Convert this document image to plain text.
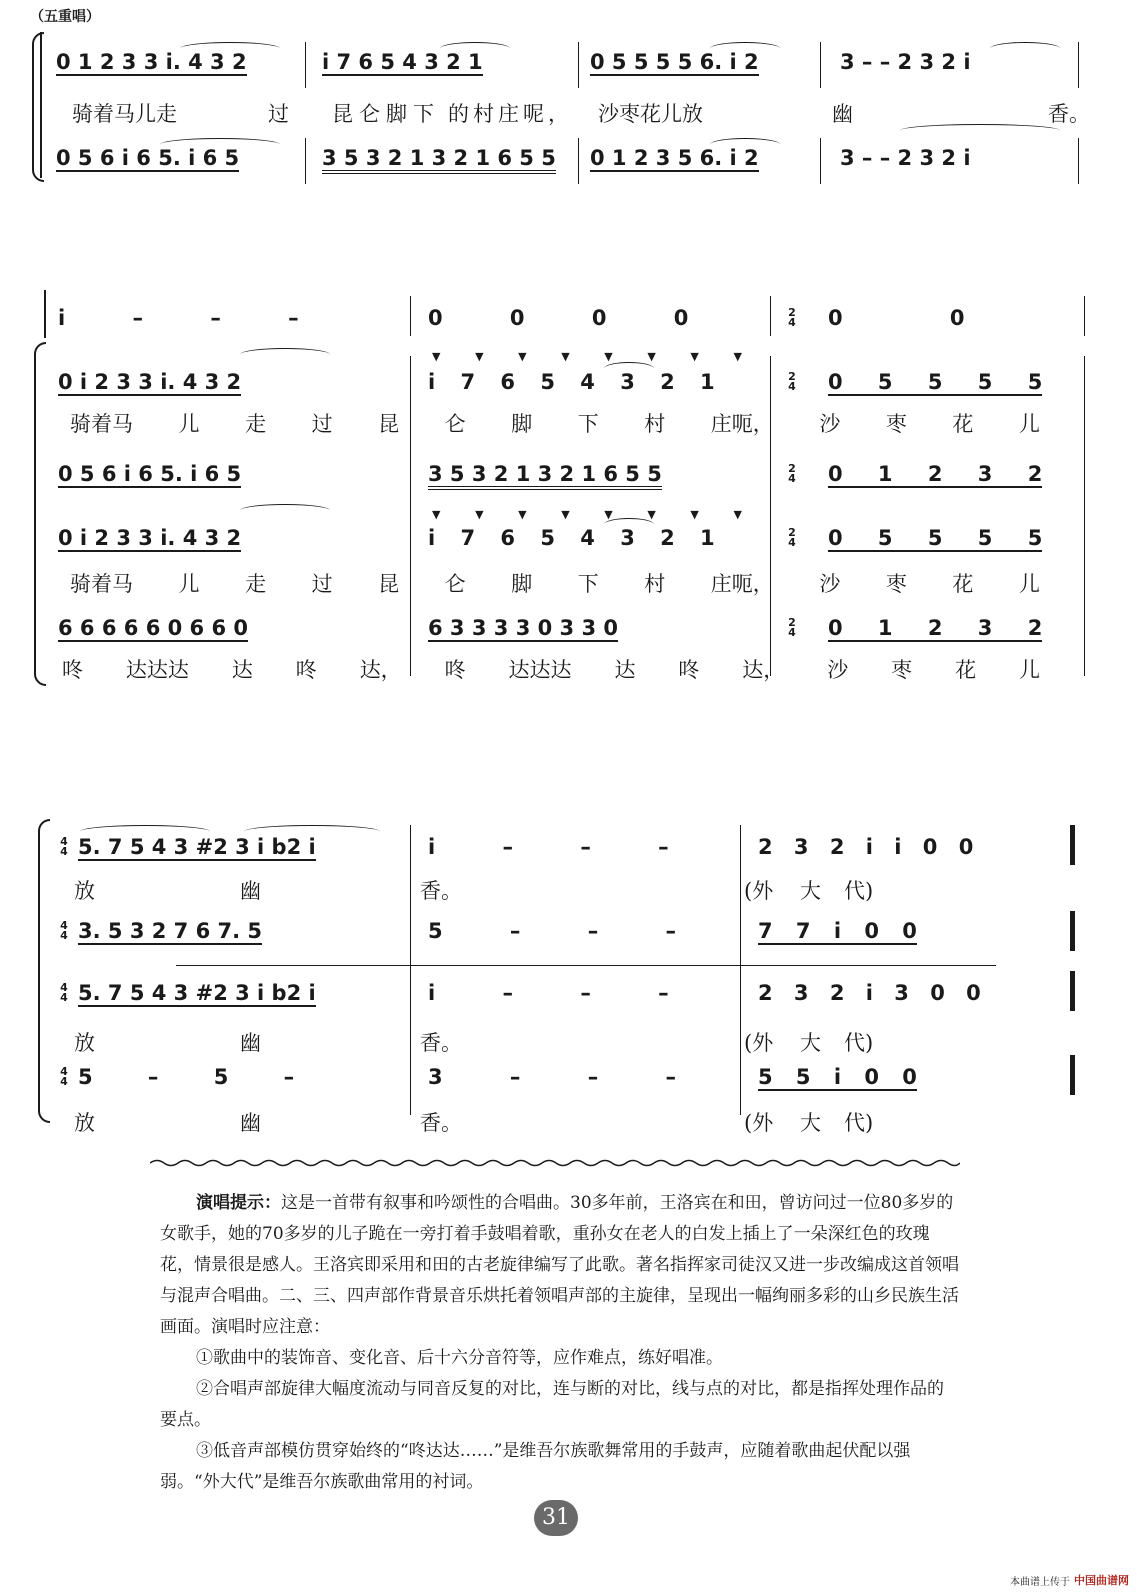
（五重唱）
0 1 2 3 3 i. 4 3 2	i 7 6 5 4 3 2 1	0 5 5 5 5 6. i 2	3 – – 2 3 2 i
骑着马儿走	过 昆仑脚下 的村庄呢， 沙枣花儿放	幽	香。
0 5 6 i 6 5. i 6 5	3 5 3 2 1 3 2 1 6 5 5 0 1 2 3 5 6. i 2	3 – – 2 3 2 i
i – – –	0 0 0 0	0 0
2
4
▼	▼	▼	▼	▼	▼	▼	▼
0 i 2 3 3 i. 4 3 2	i 7 6 5 4 3 2 1	0 5 5 5 5
2
4
骑着马 儿 走 过 昆 仑 脚 下 村 庄呃， 沙 枣 花 儿
0 5 6 i 6 5. i 6 5	3 5 3 2 1 3 2 1 6 5 5	0 1 2 3 2
2
4
0 i 2 3 3 i. 4 3 2	i 7 6 5 4 3 2 1	0 5 5 5 5
2
4
▼	▼	▼	▼	▼	▼	▼	▼
骑着马 儿 走 过 昆 仑 脚 下 村 庄呃， 沙 枣 花 儿
6 6 6 6 6 0 6 6 0	6 3 3 3 3 0 3 3 0	0 1 2 3 2
2
4
咚 达达达 达 咚 达， 咚 达达达 达 咚 达， 沙 枣 花 儿
4
4 5. 7 5 4 3 #2 3 i b2 i	i – – –	2 3 2 i i 0 0
放	幽	香。	(外 大 代)
4
4 3. 5 3 2 7 6 7. 5	5 – – –	7 7 i 0 0
4
4 5. 7 5 4 3 #2 3 i b2 i	i – – –	2 3 2 i 3 0 0
放	幽	香。	(外 大 代)
4
4 5 – 5 –	3 – – –	5 5 i 0 0
放	幽	香。	(外 大 代)

演唱提示：这是一首带有叙事和吟颂性的合唱曲。30多年前，王洛宾在和田，曾访问过一位80多岁的女歌手，她的70多岁的儿子跪在一旁打着手鼓唱着歌，重孙女在老人的白发上插上了一朵深红色的玫瑰花，情景很是感人。王洛宾即采用和田的古老旋律编写了此歌。著名指挥家司徒汉又进一步改编成这首领唱与混声合唱曲。二、三、四声部作背景音乐烘托着领唱声部的主旋律，呈现出一幅绚丽多彩的山乡民族生活画面。演唱时应注意：

①歌曲中的装饰音、变化音、后十六分音符等，应作难点，练好唱准。

②合唱声部旋律大幅度流动与同音反复的对比，连与断的对比，线与点的对比，都是指挥处理作品的要点。

③低音声部模仿贯穿始终的“咚达达……”是维吾尔族歌舞常用的手鼓声，应随着歌曲起伏配以强弱。“外大代”是维吾尔族歌曲常用的衬词。

31
本曲谱上传于 中国曲谱网
